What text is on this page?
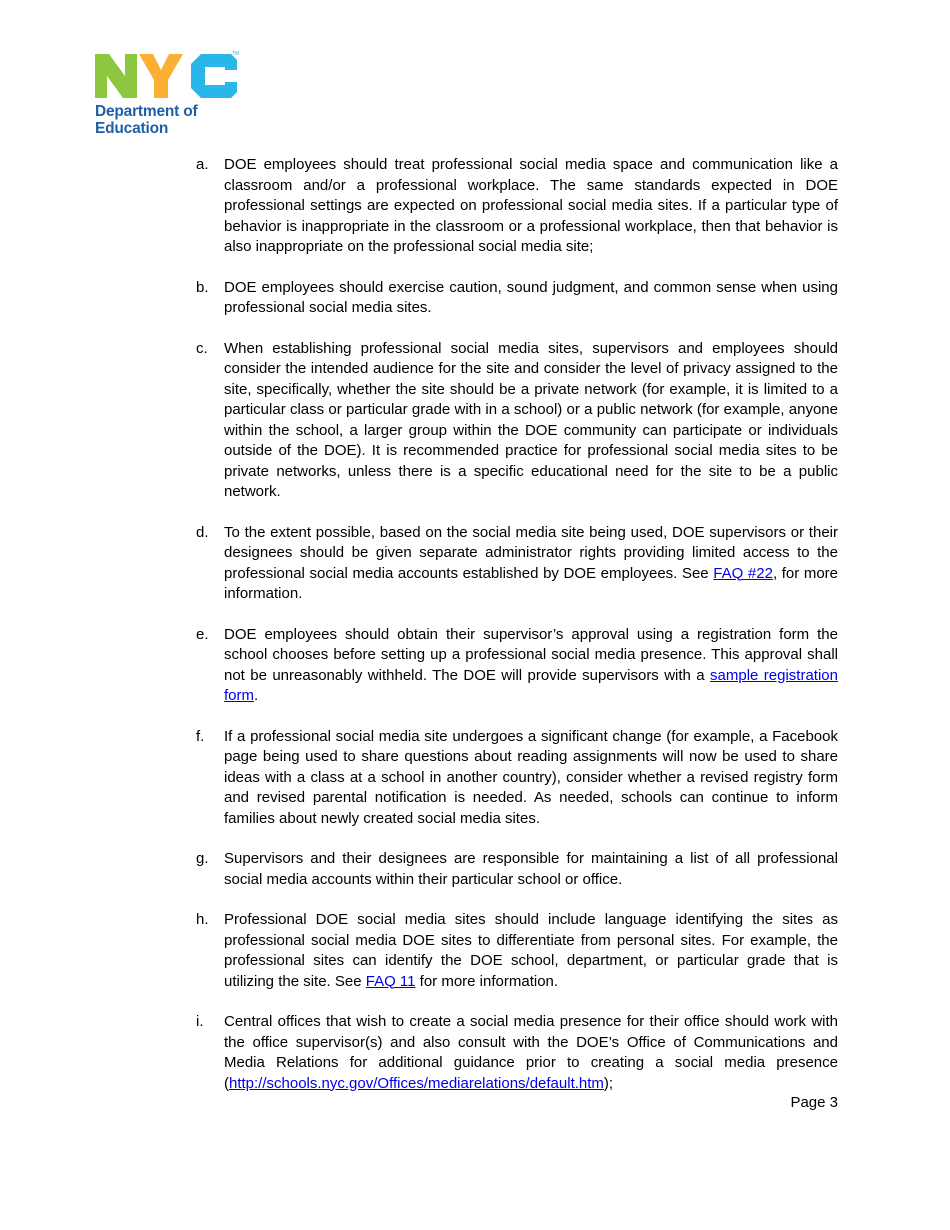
TM
Department of
Education
a. DOE employees should treat professional social media space and communication like a classroom and/or a professional workplace. The same standards expected in DOE professional settings are expected on professional social media sites. If a particular type of behavior is inappropriate in the classroom or a professional workplace, then that behavior is also inappropriate on the professional social media site;
b. DOE employees should exercise caution, sound judgment, and common sense when using professional social media sites.
c. When establishing professional social media sites, supervisors and employees should consider the intended audience for the site and consider the level of privacy assigned to the site, specifically, whether the site should be a private network (for example, it is limited to a particular class or particular grade with in a school) or a public network (for example, anyone within the school, a larger group within the DOE community can participate or individuals outside of the DOE). It is recommended practice for professional social media sites to be private networks, unless there is a specific educational need for the site to be a public network.
d. To the extent possible, based on the social media site being used, DOE supervisors or their designees should be given separate administrator rights providing limited access to the professional social media accounts established by DOE employees. See FAQ #22, for more information.
e. DOE employees should obtain their supervisor’s approval using a registration form the school chooses before setting up a professional social media presence. This approval shall not be unreasonably withheld. The DOE will provide supervisors with a sample registration form.
f. If a professional social media site undergoes a significant change (for example, a Facebook page being used to share questions about reading assignments will now be used to share ideas with a class at a school in another country), consider whether a revised registry form and revised parental notification is needed. As needed, schools can continue to inform families about newly created social media sites.
g. Supervisors and their designees are responsible for maintaining a list of all professional social media accounts within their particular school or office.
h. Professional DOE social media sites should include language identifying the sites as professional social media DOE sites to differentiate from personal sites. For example, the professional sites can identify the DOE school, department, or particular grade that is utilizing the site. See FAQ 11 for more information.
i. Central offices that wish to create a social media presence for their office should work with the office supervisor(s) and also consult with the DOE’s Office of Communications and Media Relations for additional guidance prior to creating a social media presence (http://schools.nyc.gov/Offices/mediarelations/default.htm);
Page 3
